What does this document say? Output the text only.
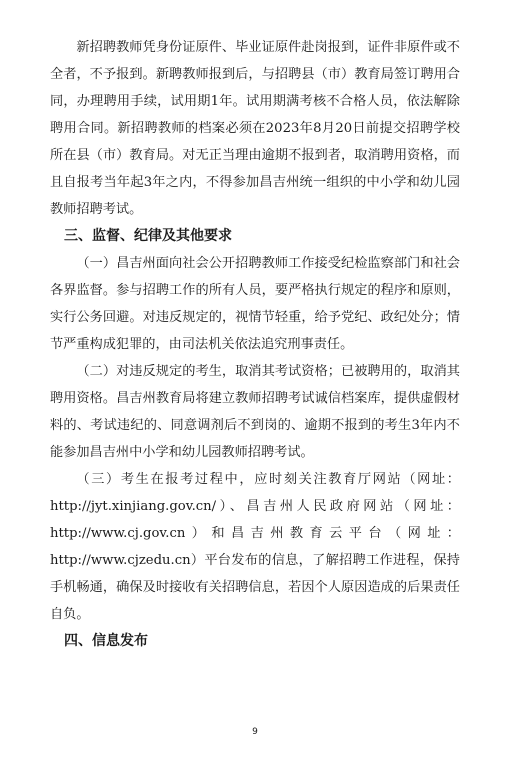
新招聘教师凭身份证原件、毕业证原件赴岗报到，证件非原件或不全者，不予报到。新聘教师报到后，与招聘县（市）教育局签订聘用合同，办理聘用手续，试用期1年。试用期满考核不合格人员，依法解除聘用合同。新招聘教师的档案必须在2023年8月20日前提交招聘学校所在县（市）教育局。对无正当理由逾期不报到者，取消聘用资格，而且自报考当年起3年之内，不得参加昌吉州统一组织的中小学和幼儿园教师招聘考试。

三、监督、纪律及其他要求

（一）昌吉州面向社会公开招聘教师工作接受纪检监察部门和社会各界监督。参与招聘工作的所有人员，要严格执行规定的程序和原则，实行公务回避。对违反规定的，视情节轻重，给予党纪、政纪处分；情节严重构成犯罪的，由司法机关依法追究刑事责任。

（二）对违反规定的考生，取消其考试资格；已被聘用的，取消其聘用资格。昌吉州教育局将建立教师招聘考试诚信档案库，提供虚假材料的、考试违纪的、同意调剂后不到岗的、逾期不报到的考生3年内不能参加昌吉州中小学和幼儿园教师招聘考试。

（三）考生在报考过程中，应时刻关注教育厅网站（网址：http://jyt.xinjiang.gov.cn/）、昌吉州人民政府网站（网址：http://www.cj.gov.cn）和昌吉州教育云平台（网址：http://www.cjzedu.cn）平台发布的信息，了解招聘工作进程，保持手机畅通，确保及时接收有关招聘信息，若因个人原因造成的后果责任自负。

四、信息发布
9
